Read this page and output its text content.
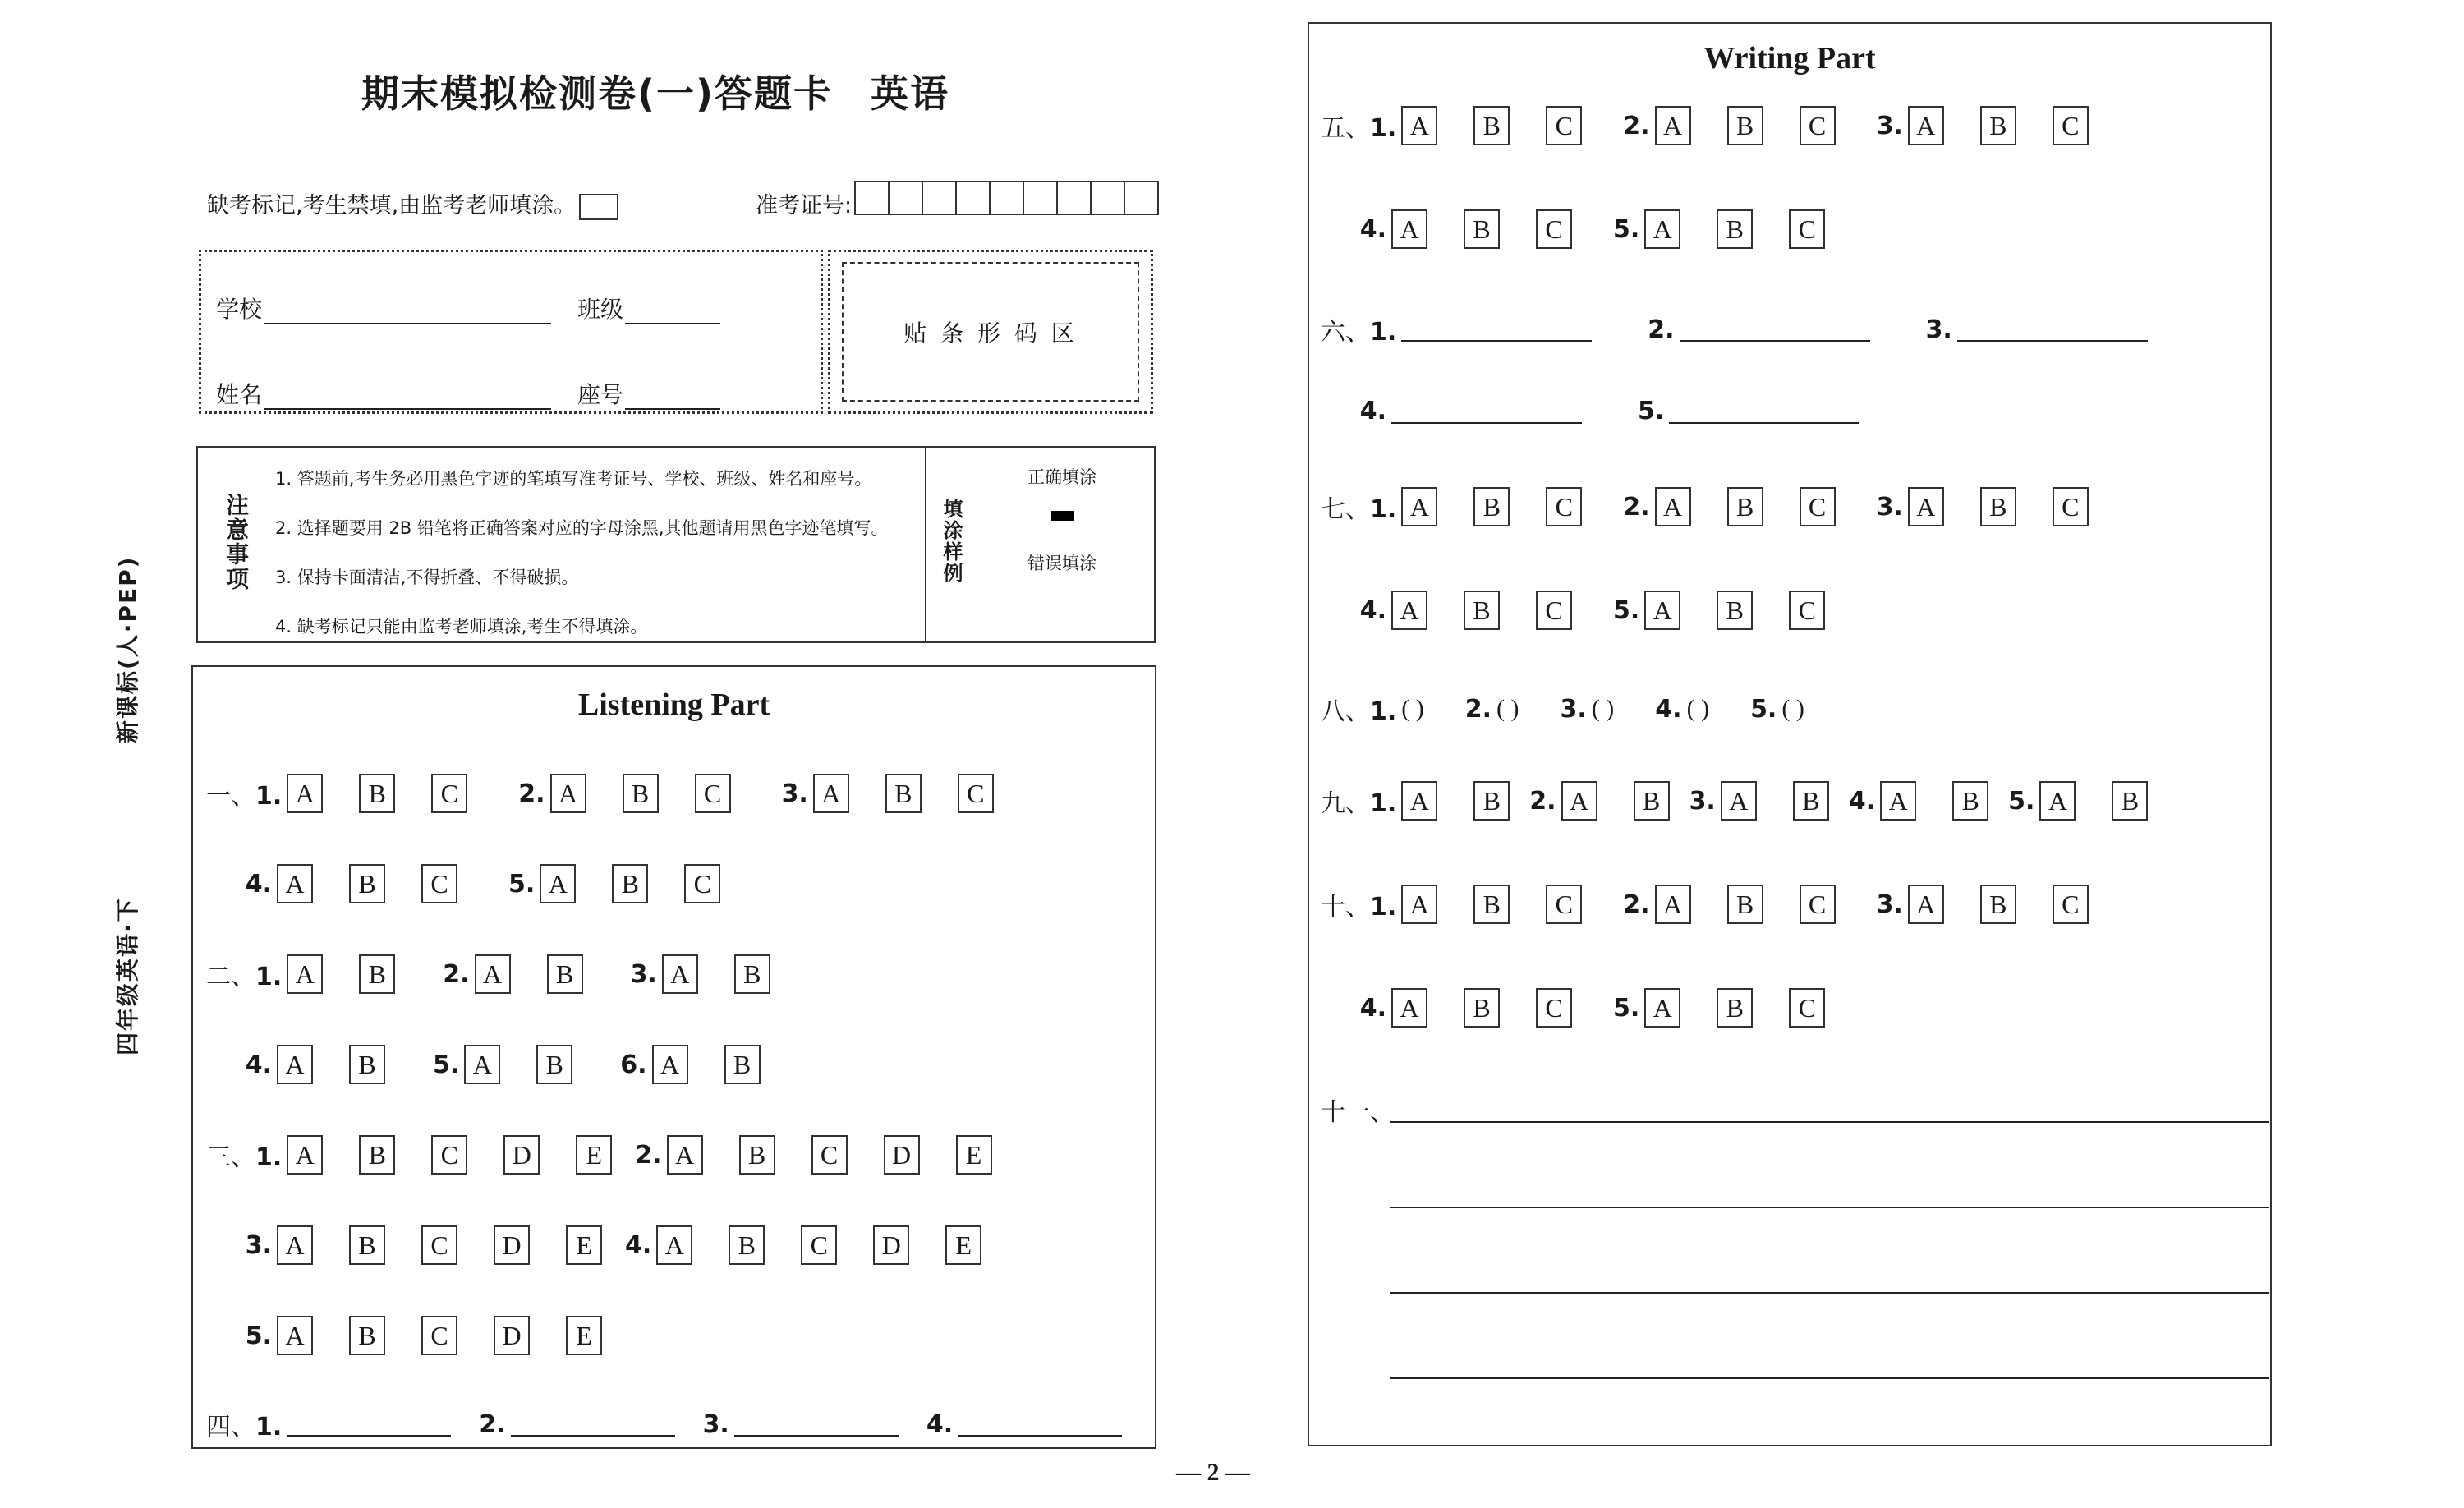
期末模拟检测卷(一)答题卡 英语
缺考标记,考生禁填,由监考老师填涂。	准考证号:
学校	班级
姓名	座号
贴 条 形 码 区
注意事项
1. 答题前,考生务必用黑色字迹的笔填写准考证号、学校、班级、姓名和座号。
2. 选择题要用 2B 铅笔将正确答案对应的字母涂黑,其他题请用黑色字迹笔填写。
3. 保持卡面清洁,不得折叠、不得破损。
4. 缺考标记只能由监考老师填涂,考生不得填涂。
填涂样例
正确填涂
错误填涂
新课标(人·PEP)
四年级英语·下
Listening Part
一、1. A	B	C	2. A	B	C	3. A	B	C
4. A	B	C	5. A	B	C
二、1. A	B	2. A	B	3. A	B
4. A	B	5. A	B	6. A	B
三、1. A	B	C	D	E	2. A	B	C	D	E
3. A	B	C	D	E	4. A	B	C	D	E
5. A	B	C	D	E
四、1.	2.	3.	4.
Writing Part
五、1. A	B	C	2. A	B	C	3. A	B	C
4. A	B	C	5. A	B	C
六、1.	2.	3.
4.	5.
七、1. A	B	C	2. A	B	C	3. A	B	C
4. A	B	C	5. A	B	C
八、1. ( ) 2. ( ) 3. ( ) 4. ( ) 5. ( )
九、1. A	B	2. A	B	3. A	B	4. A	B	5. A	B
十、1. A	B	C	2. A	B	C	3. A	B	C
4. A	B	C	5. A	B	C
十一、
— 2 —
